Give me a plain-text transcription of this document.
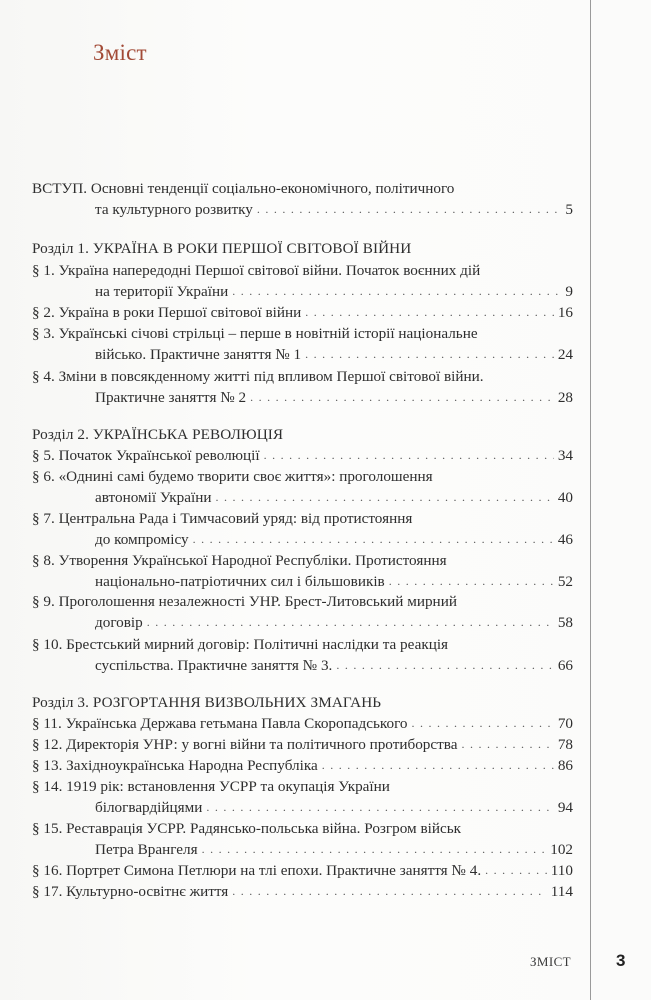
Зміст
ВСТУП. Основні тенденції соціально-економічного, політичного
та культурного розвитку . . .	5
Розділ 1. УКРАЇНА В РОКИ ПЕРШОЇ СВІТОВОЇ ВІЙНИ
§ 1. Україна напередодні Першої світової війни. Початок воєнних дій
на території України . . .	9
§ 2. Україна в роки Першої світової війни . . .	16
§ 3. Українські січові стрільці – перше в новітній історії національне
військо. Практичне заняття № 1 . . .	24
§ 4. Зміни в повсякденному житті під впливом Першої світової війни.
Практичне заняття № 2 . . .	28
Розділ 2. УКРАЇНСЬКА РЕВОЛЮЦІЯ
§ 5. Початок Української революції . . .	34
§ 6. «Однині самі будемо творити своє життя»: проголошення
автономії України . . .	40
§ 7. Центральна Рада і Тимчасовий уряд: від протистояння
до компромісу . . .	46
§ 8. Утворення Української Народної Республіки. Протистояння
національно-патріотичних сил і більшовиків . . .	52
§ 9. Проголошення незалежності УНР. Брест-Литовський мирний
договір . . .	58
§ 10. Брестський мирний договір: Політичні наслідки та реакція
суспільства. Практичне заняття № 3. . . .	66
Розділ 3. РОЗГОРТАННЯ ВИЗВОЛЬНИХ ЗМАГАНЬ
§ 11. Українська Держава гетьмана Павла Скоропадського . . .	70
§ 12. Директорія УНР: у вогні війни та політичного протиборства . . .	78
§ 13. Західноукраїнська Народна Республіка . . .	86
§ 14. 1919 рік: встановлення УСРР та окупація України
білогвардійцями . . .	94
§ 15. Реставрація УСРР. Радянсько-польська війна. Розгром військ
Петра Врангеля . . .	102
§ 16. Портрет Симона Петлюри на тлі епохи. Практичне заняття № 4. . . .	110
§ 17. Культурно-освітнє життя . . .	114
ЗМІСТ	3
